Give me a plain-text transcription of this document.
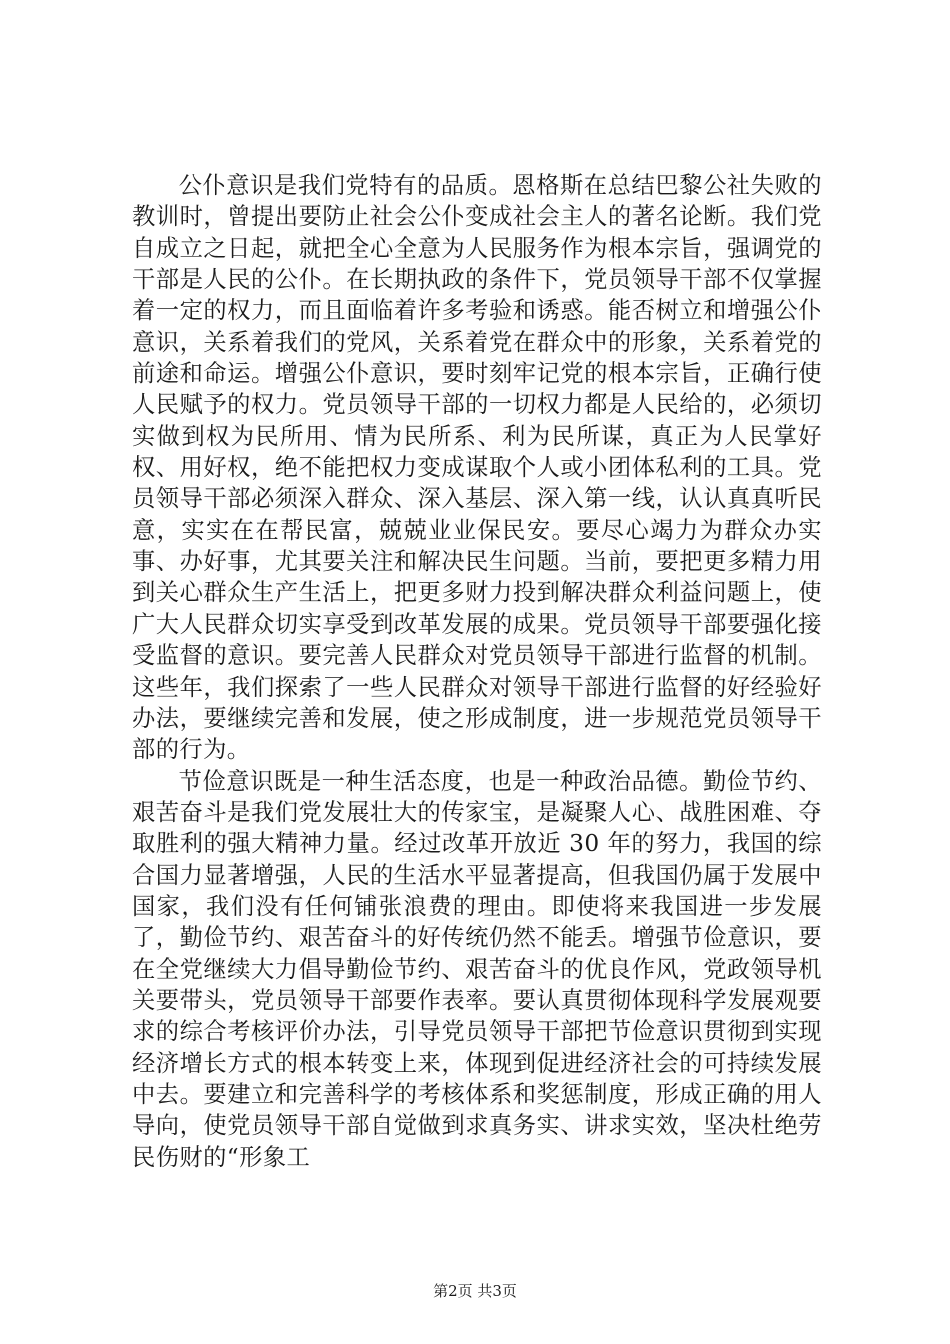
公仆意识是我们党特有的品质。恩格斯在总结巴黎公社失败的教训时，曾提出要防止社会公仆变成社会主人的著名论断。我们党自成立之日起，就把全心全意为人民服务作为根本宗旨，强调党的干部是人民的公仆。在长期执政的条件下，党员领导干部不仅掌握着一定的权力，而且面临着许多考验和诱惑。能否树立和增强公仆意识，关系着我们的党风，关系着党在群众中的形象，关系着党的前途和命运。增强公仆意识，要时刻牢记党的根本宗旨，正确行使人民赋予的权力。党员领导干部的一切权力都是人民给的，必须切实做到权为民所用、情为民所系、利为民所谋，真正为人民掌好权、用好权，绝不能把权力变成谋取个人或小团体私利的工具。党员领导干部必须深入群众、深入基层、深入第一线，认认真真听民意，实实在在帮民富，兢兢业业保民安。要尽心竭力为群众办实事、办好事，尤其要关注和解决民生问题。当前，要把更多精力用到关心群众生产生活上，把更多财力投到解决群众利益问题上，使广大人民群众切实享受到改革发展的成果。党员领导干部要强化接受监督的意识。要完善人民群众对党员领导干部进行监督的机制。这些年，我们探索了一些人民群众对领导干部进行监督的好经验好办法，要继续完善和发展，使之形成制度，进一步规范党员领导干部的行为。

节俭意识既是一种生活态度，也是一种政治品德。勤俭节约、艰苦奋斗是我们党发展壮大的传家宝，是凝聚人心、战胜困难、夺取胜利的强大精神力量。经过改革开放近 30 年的努力，我国的综合国力显著增强，人民的生活水平显著提高，但我国仍属于发展中国家，我们没有任何铺张浪费的理由。即使将来我国进一步发展了，勤俭节约、艰苦奋斗的好传统仍然不能丢。增强节俭意识，要在全党继续大力倡导勤俭节约、艰苦奋斗的优良作风，党政领导机关要带头，党员领导干部要作表率。要认真贯彻体现科学发展观要求的综合考核评价办法，引导党员领导干部把节俭意识贯彻到实现经济增长方式的根本转变上来，体现到促进经济社会的可持续发展中去。要建立和完善科学的考核体系和奖惩制度，形成正确的用人导向，使党员领导干部自觉做到求真务实、讲求实效，坚决杜绝劳民伤财的“形象工

第2页 共3页
